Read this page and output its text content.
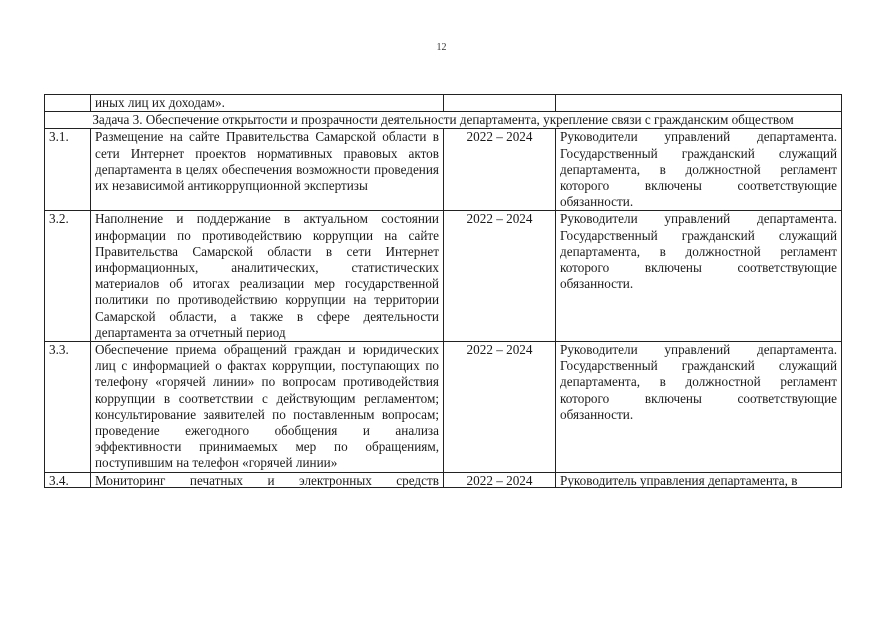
12
	иных лиц их доходам».		
Задача 3. Обеспечение открытости и прозрачности деятельности департамента, укрепление связи с гражданским обществом			
3.1.	Размещение на сайте Правительства Самарской области в сети Интернет проектов нормативных правовых актов департамента в целях обеспечения возможности проведения их независимой антикоррупционной экспертизы	2022 – 2024	Руководители управлений департамента. Государственный гражданский служащий департамента, в должностной регламент которого включены соответствующие обязанности.
3.2.	Наполнение и поддержание в актуальном состоянии информации по противодействию коррупции на сайте Правительства Самарской области в сети Интернет информационных, аналитических, статистических материалов об итогах реализации мер государственной политики по противодействию коррупции на территории Самарской области, а также в сфере деятельности департамента за отчетный период	2022 – 2024	Руководители управлений департамента. Государственный гражданский служащий департамента, в должностной регламент которого включены соответствующие обязанности.
3.3.	Обеспечение приема обращений граждан и юридических лиц с информацией о фактах коррупции, поступающих по телефону «горячей линии» по вопросам противодействия коррупции в соответствии с действующим регламентом; консультирование заявителей по поставленным вопросам; проведение ежегодного обобщения и анализа эффективности принимаемых мер по обращениям, поступившим на телефон «горячей линии»	2022 – 2024	Руководители управлений департамента. Государственный гражданский служащий департамента, в должностной регламент которого включены соответствующие обязанности.

3.4.	Мониторинг печатных и электронных средств	2022 – 2024	Руководитель управления департамента, в
